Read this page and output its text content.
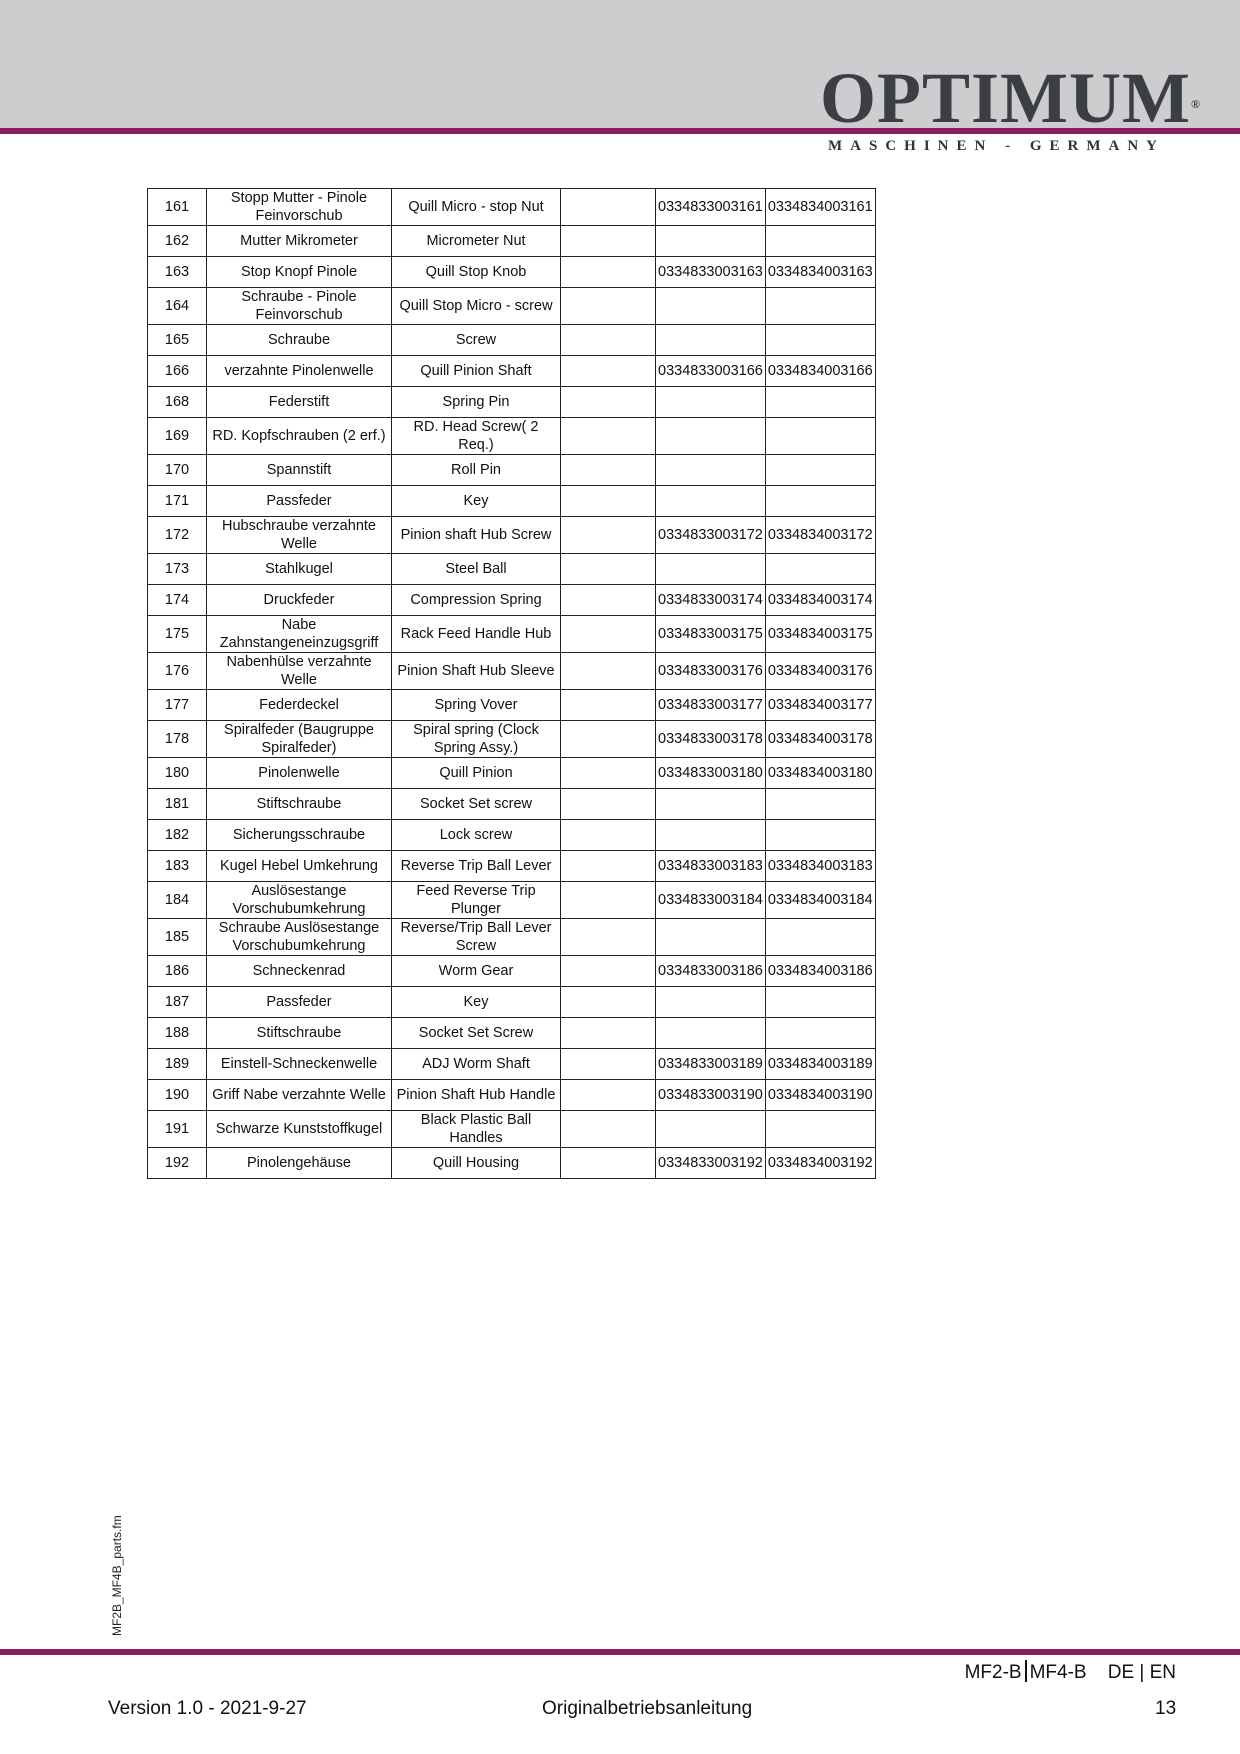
OPTIMUM®
MASCHINEN - GERMANY
161	Stopp Mutter - Pinole Feinvorschub	Quill Micro - stop Nut		0334833003161	0334834003161
162	Mutter Mikrometer	Micrometer Nut			
163	Stop Knopf Pinole	Quill Stop Knob		0334833003163	0334834003163
164	Schraube - Pinole Feinvorschub	Quill Stop Micro - screw			
165	Schraube	Screw			
166	verzahnte Pinolenwelle	Quill Pinion Shaft		0334833003166	0334834003166
168	Federstift	Spring Pin			
169	RD. Kopfschrauben (2 erf.)	RD. Head Screw( 2 Req.)			
170	Spannstift	Roll Pin			
171	Passfeder	Key			
172	Hubschraube verzahnte Welle	Pinion shaft Hub Screw		0334833003172	0334834003172
173	Stahlkugel	Steel Ball			
174	Druckfeder	Compression Spring		0334833003174	0334834003174
175	Nabe Zahnstangeneinzugsgriff	Rack Feed Handle Hub		0334833003175	0334834003175
176	Nabenhülse verzahnte Welle	Pinion Shaft Hub Sleeve		0334833003176	0334834003176
177	Federdeckel	Spring Vover		0334833003177	0334834003177
178	Spiralfeder (Baugruppe Spiralfeder)	Spiral spring (Clock Spring Assy.)		0334833003178	0334834003178
180	Pinolenwelle	Quill Pinion		0334833003180	0334834003180
181	Stiftschraube	Socket Set screw			
182	Sicherungsschraube	Lock screw			
183	Kugel Hebel Umkehrung	Reverse Trip Ball Lever		0334833003183	0334834003183
184	Auslösestange Vorschubumkehrung	Feed Reverse Trip Plunger		0334833003184	0334834003184
185	Schraube Auslösestange Vorschubumkehrung	Reverse/Trip Ball Lever Screw			
186	Schneckenrad	Worm Gear		0334833003186	0334834003186
187	Passfeder	Key			
188	Stiftschraube	Socket Set Screw			
189	Einstell-Schneckenwelle	ADJ Worm Shaft		0334833003189	0334834003189
190	Griff Nabe verzahnte Welle	Pinion Shaft Hub Handle		0334833003190	0334834003190
191	Schwarze Kunststoffkugel	Black Plastic Ball Handles			
192	Pinolengehäuse	Quill Housing		0334833003192	0334834003192
MF2B_MF4B_parts.fm
MF2-B MF4-B DE | EN
Version 1.0 - 2021-9-27	Originalbetriebsanleitung	13
